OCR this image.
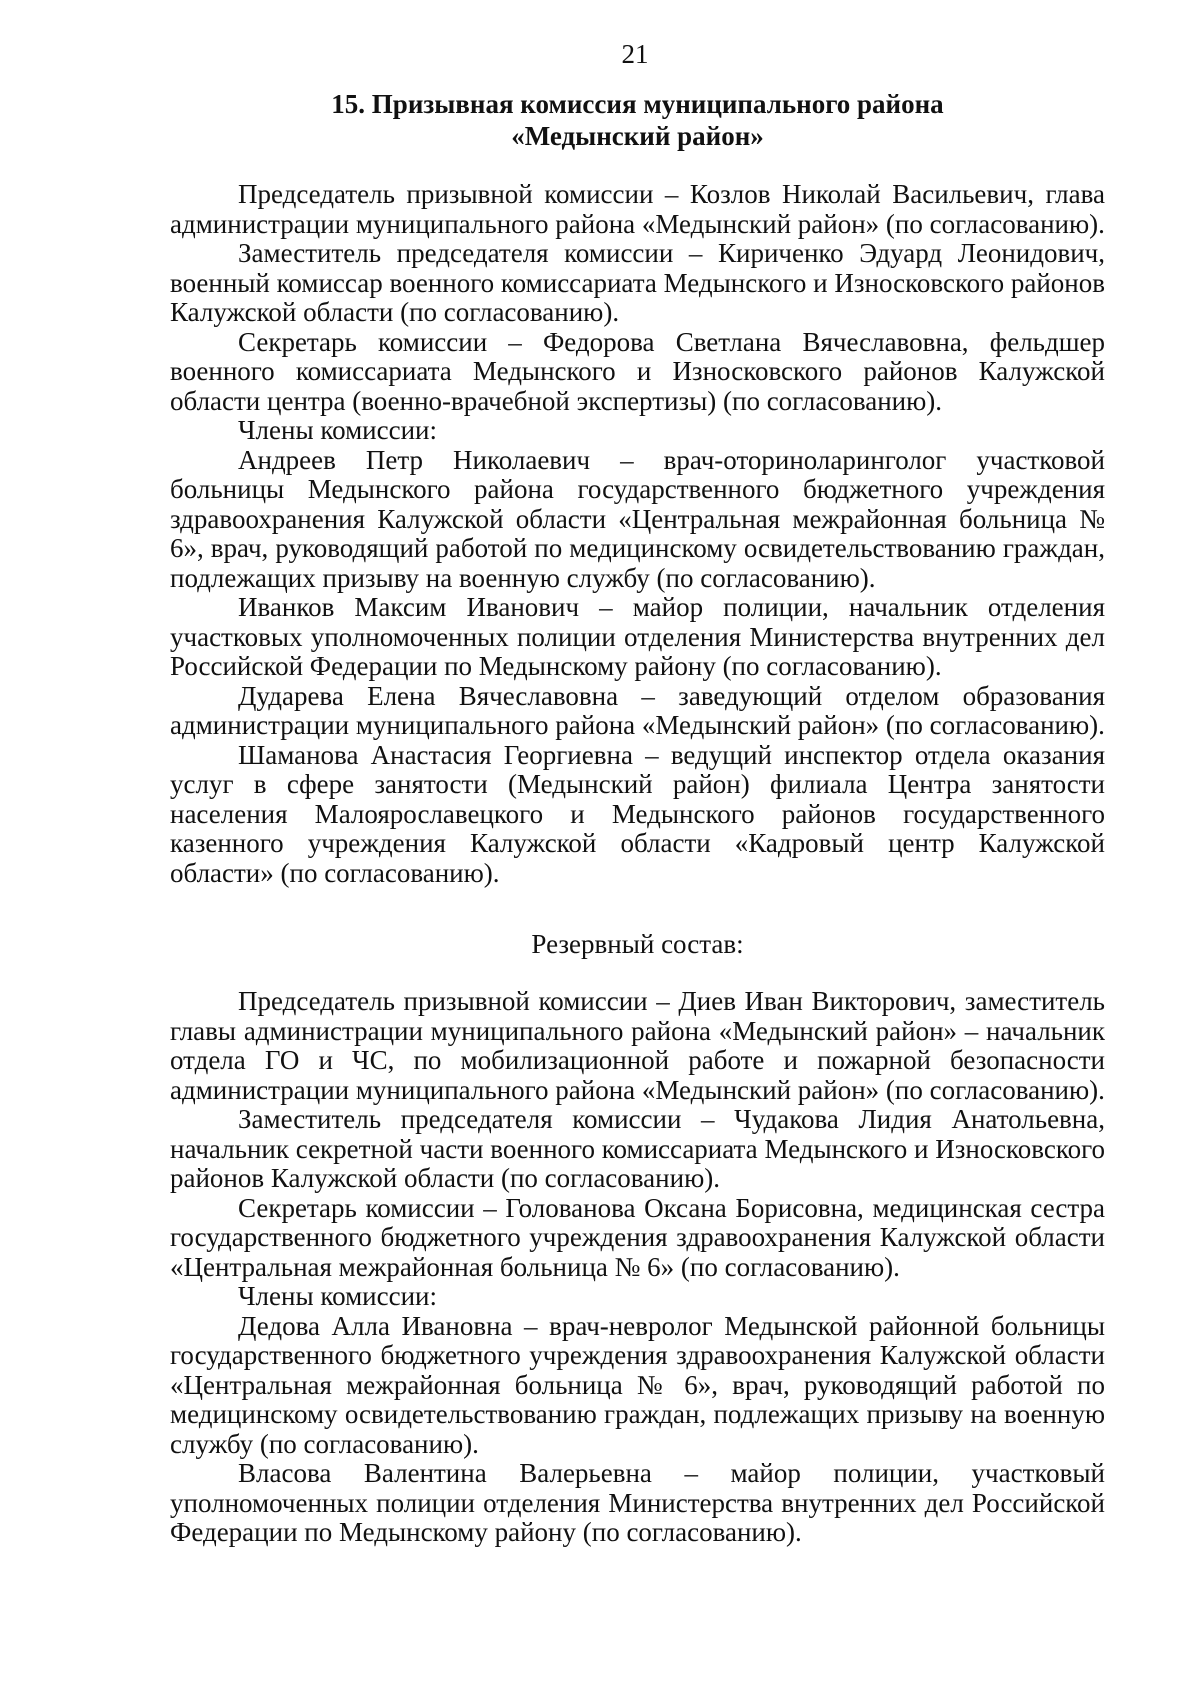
21
15. Призывная комиссия муниципального района
«Медынский район»

Председатель призывной комиссии – Козлов Николай Васильевич, глава администрации муниципального района «Медынский район» (по согласованию).

Заместитель председателя комиссии – Кириченко Эдуард Леонидович, военный комиссар военного комиссариата Медынского и Износковского районов Калужской области (по согласованию).

Секретарь комиссии – Федорова Светлана Вячеславовна, фельдшер военного комиссариата Медынского и Износковского районов Калужской области центра (военно-врачебной экспертизы) (по согласованию).

Члены комиссии:

Андреев Петр Николаевич – врач-оториноларинголог участковой больницы Медынского района государственного бюджетного учреждения здравоохранения Калужской области «Центральная межрайонная больница № 6», врач, руководящий работой по медицинскому освидетельствованию граждан, подлежащих призыву на военную службу (по согласованию).

Иванков Максим Иванович – майор полиции, начальник отделения участковых уполномоченных полиции отделения Министерства внутренних дел Российской Федерации по Медынскому району (по согласованию).

Дударева Елена Вячеславовна – заведующий отделом образования администрации муниципального района «Медынский район» (по согласованию).

Шаманова Анастасия Георгиевна – ведущий инспектор отдела оказания услуг в сфере занятости (Медынский район) филиала Центра занятости населения Малоярославецкого и Медынского районов государственного казенного учреждения Калужской области «Кадровый центр Калужской области» (по согласованию).

Резервный состав:

Председатель призывной комиссии – Диев Иван Викторович, заместитель главы администрации муниципального района «Медынский район» – начальник отдела ГО и ЧС, по мобилизационной работе и пожарной безопасности администрации муниципального района «Медынский район» (по согласованию).

Заместитель председателя комиссии – Чудакова Лидия Анатольевна, начальник секретной части военного комиссариата Медынского и Износковского районов Калужской области (по согласованию).

Секретарь комиссии – Голованова Оксана Борисовна, медицинская сестра государственного бюджетного учреждения здравоохранения Калужской области «Центральная межрайонная больница № 6» (по согласованию).

Члены комиссии:

Дедова Алла Ивановна – врач-невролог Медынской районной больницы государственного бюджетного учреждения здравоохранения Калужской области «Центральная межрайонная больница № 6», врач, руководящий работой по медицинскому освидетельствованию граждан, подлежащих призыву на военную службу (по согласованию).

Власова Валентина Валерьевна – майор полиции, участковый уполномоченных полиции отделения Министерства внутренних дел Российской Федерации по Медынскому району (по согласованию).
